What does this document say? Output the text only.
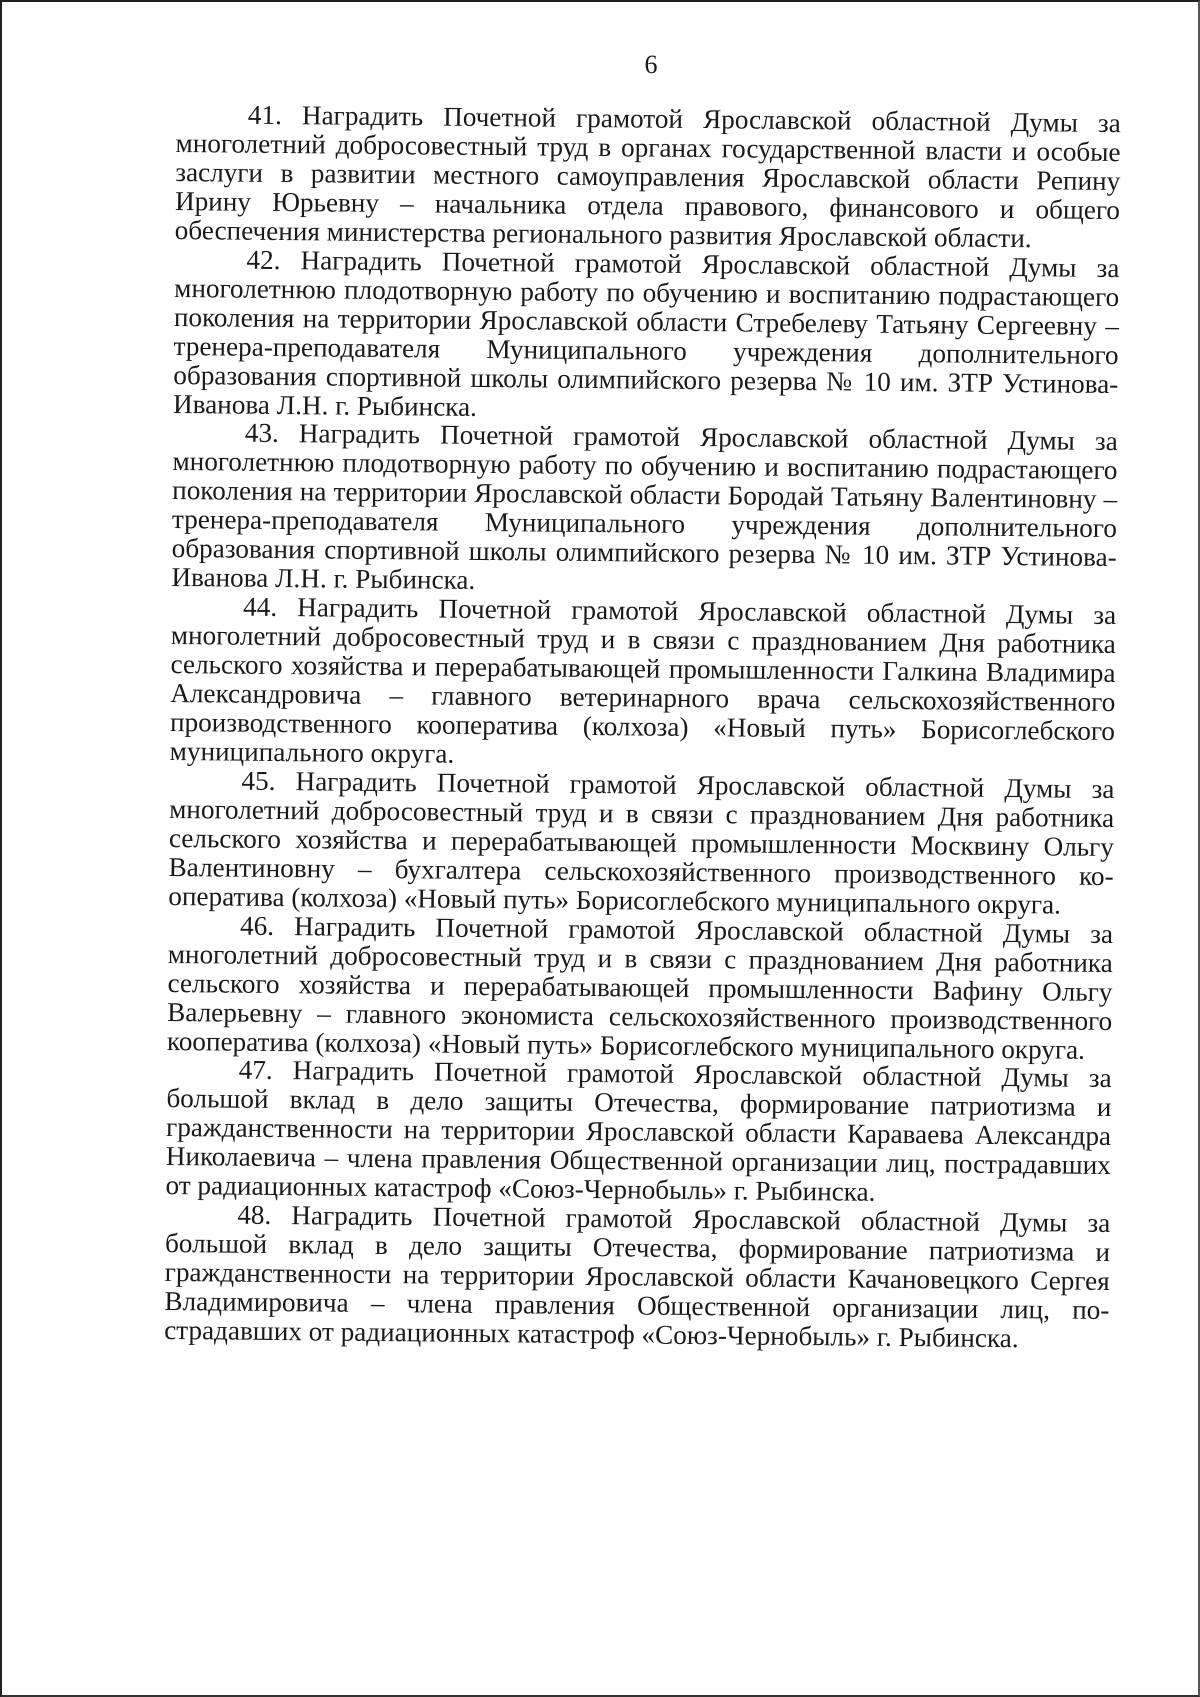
6

41. Наградить Почетной грамотой Ярославской областной Думы за многолетний добросовестный труд в органах государственной власти и особые заслуги в развитии местного самоуправления Ярославской области Репину Ирину Юрьевну – начальника отдела правового, финансового и общего обеспечения министерства регионального развития Ярославской области.

42. Наградить Почетной грамотой Ярославской областной Думы за многолетнюю плодотворную работу по обучению и воспитанию подрастающего поколения на территории Ярославской области Стребелеву Татьяну Сергеевну – тренера-преподавателя Муниципального учреждения дополнительного образования спортивной школы олимпийского резерва № 10 им. ЗТР Устинова-Иванова Л.Н. г. Рыбинска.

43. Наградить Почетной грамотой Ярославской областной Думы за многолетнюю плодотворную работу по обучению и воспитанию подрастающего поколения на территории Ярославской области Бородай Татьяну Валентиновну – тренера-преподавателя Муниципального учреждения дополнительного образования спортивной школы олимпийского резерва № 10 им. ЗТР Устинова-Иванова Л.Н. г. Рыбинска.

44. Наградить Почетной грамотой Ярославской областной Думы за многолетний добросовестный труд и в связи с празднованием Дня работника сельского хозяйства и перерабатывающей промышленности Галкина Владимира Александровича – главного ветеринарного врача сельскохозяйственного производственного кооператива (колхоза) «Новый путь» Борисоглебского муниципального округа.

45. Наградить Почетной грамотой Ярославской областной Думы за многолетний добросовестный труд и в связи с празднованием Дня работника сельского хозяйства и перерабатывающей промышленности Москвину Ольгу Валентиновну – бухгалтера сельскохозяйственного производственного кооператива (колхоза) «Новый путь» Борисоглебского муниципального округа.

46. Наградить Почетной грамотой Ярославской областной Думы за многолетний добросовестный труд и в связи с празднованием Дня работника сельского хозяйства и перерабатывающей промышленности Вафину Ольгу Валерьевну – главного экономиста сельскохозяйственного производственного кооператива (колхоза) «Новый путь» Борисоглебского муниципального округа.

47. Наградить Почетной грамотой Ярославской областной Думы за большой вклад в дело защиты Отечества, формирование патриотизма и гражданственности на территории Ярославской области Караваева Александра Николаевича – члена правления Общественной организации лиц, пострадавших от радиационных катастроф «Союз-Чернобыль» г. Рыбинска.

48. Наградить Почетной грамотой Ярославской областной Думы за большой вклад в дело защиты Отечества, формирование патриотизма и гражданственности на территории Ярославской области Качановецкого Сергея Владимировича – члена правления Общественной организации лиц, пострадавших от радиационных катастроф «Союз-Чернобыль» г. Рыбинска.
